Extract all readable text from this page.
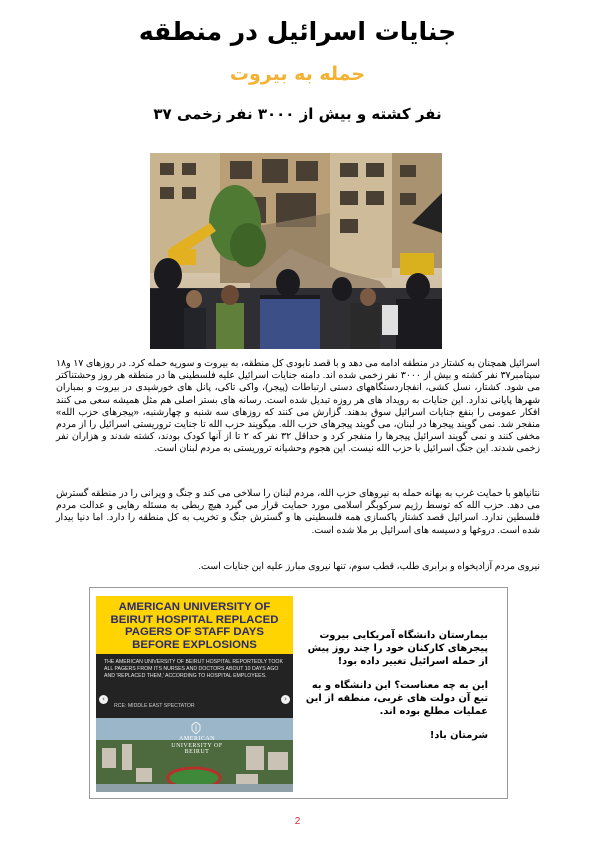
جنایات اسرائیل در منطقه
حمله به بیروت
۳۷ نفر کشته و بیش از ۳۰۰۰ نفر زخمی

اسرائیل همچنان به کشتار در منطقه ادامه می دهد و با قصد نابودی کل منطقه، به بیروت و سوریه حمله کرد. در روزهای ۱۷ و۱۸ سپتامبر۳۷ نفر کشته و بیش از ۳۰۰۰ نفر زخمی شده اند. دامنه جنایات اسرائیل علیه فلسطینی ها در منطقه هر روز وحشتناکتر می شود. کشتار، نسل کشی، انفجاردستگاههای دستی ارتباطات (پیجر)، واکی تاکی، پانل های خورشیدی در بیروت و بمباران شهرها پایانی ندارد. این جنایات به رویداد های هر روزه تبدیل شده است. رسانه های بستر اصلی هم مثل همیشه سعی می کنند افکار عمومی را بنفع جنایات اسرائیل سوق بدهند. گزارش می کنند که روزهای سه شنبه و چهارشنبه، «پیجرهای حزب الله» منفجر شد. نمی گویند پیجرها در لبنان، می گویند پیجرهای حزب الله. میگویند حزب الله تا جنایت تروریستی اسرائیل را از مردم مخفی کنند و نمی گویند اسرائیل پیجرها را منفجر کرد و حداقل ۳۲ نفر که ۲ تا از آنها کودک بودند، کشته شدند و هزاران نفر زخمی شدند. این جنگ اسرائیل با حزب الله نیست. این هجوم وحشیانه تروریستی به مردم لبنان است.

نتانیاهو با حمایت غرب به بهانه حمله به نیروهای حزب الله، مردم لبنان را سلاخی می کند و جنگ و ویرانی را در منطقه گسترش می دهد. حزب الله که توسط رژیم سرکوبگر اسلامی مورد حمایت قرار می گیرد هیچ ربطی به مسئله رهایی و عدالت مردم فلسطین ندارد. اسرائیل قصد کشتار پاکسازی همه فلسطینی ها و گسترش جنگ و تخریب به کل منطقه را دارد. اما دنیا بیدار شده است. دروغها و دسیسه های اسرائیل بر ملا شده است.

نیروی مردم آزادیخواه و برابری طلب، قطب سوم، تنها نیروی مبارز علیه این جنایات است.

AMERICAN UNIVERSITY OF BEIRUT HOSPITAL REPLACED PAGERS OF STAFF DAYS BEFORE EXPLOSIONS
THE AMERICAN UNIVERSITY OF BEIRUT HOSPITAL REPORTEDLY TOOK ALL PAGERS FROM ITS NURSES AND DOCTORS ABOUT 10 DAYS AGO AND 'REPLACED THEM,' ACCORDING TO HOSPITAL EMPLOYEES.
RCE: MIDDLE EAST SPECTATOR
AMERICAN UNIVERSITY OF BEIRUT
‹	›

بیمارستان دانشگاه آمریکایی بیروت پیجرهای کارکنان خود را چند روز پیش از حمله اسرائیل تغییر داده بود!

این به چه معناست؟ این دانشگاه و به تبع آن دولت های غربی، منطقه از این عملیات مطلع بوده اند.

شرمتان باد!

2
